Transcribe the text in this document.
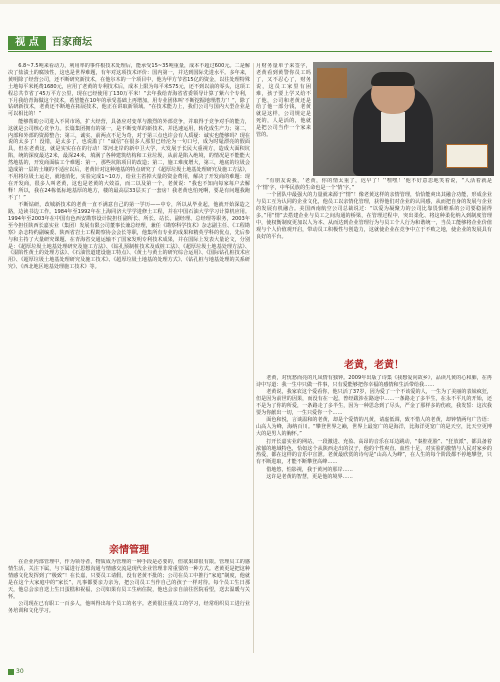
视 点	百家商坛

6.8~7.5吨来看动力，利用率的事件根技术处理后，能承受15~35吨重量，成本不超过600元。二是解决了盐渍土的腐蚀性，这也是世界难题，有年对这项技术评价：国内第一，并达到国际先进水平。多年来，黄明除了经营公司，还不断研究新技术，在他尔木的一个项目中，他为甲方节省15亿的资金，以往处理特殊土地每平米耗费1680元，应用了老黄的专利技术后，成本上限为每平米575元，还不到以前的零头，这项工程总共节省了45万平方公里，现在已经使用了130万平米！“去年我给青海省省委领导计算了紫六个专利，下月我给青海做这个技术，希望能在10年的承受基础上再增加，用专业团体叫‘不断挖掘地理潜力’！”，除了钻研新技术，老黄还不断地在拓展技术，他正在讲取新领域。“在技术能力上，我们公司与国内大型企业是可以相比的！”

能够帮助公司进入不同市场，扩大经营，具备应对变革与激烈的外部竞争，并取得于竞争对手的能力，这就是公司核心竞争力。长篇集团拥有的第一，是不断变革的新技术，并迅速运用，转化成生产力；第二，内部和外部的资源整合；第三，诚实、前两点不足为奇，对于第三点也许会有人质疑：诚实也能够吗？现在说的太多了！没错，是太多了，也说滥了！“诚信”在很多人那里已经沦为一句口号，成为时髦漂亮的假面具，但在老黄这，就是实实在在的行动！罩河北岸的新中卫大学，大发展于长民大重视方，造成大面积坑陷，统的深度最达2米，最深24米，填满了各种建筑结构和工业垃圾，从前是陷入绝境，的情况是不能能大然地基的，开发商面临工个难题：第一，那些坑陷项目的改造；第二，施工难度增大，第三，地底的垃圾会造成第一层的土壤的不适应以后，老黄针对这种地基的特点研究了《超厚垃圾土地基处理研究及施工方法》，不用将垃圾土运走，就地消化，实验完成1~10万，给业主省掉大量的资金费用，解决了开发商的难题：现在开发商，很多人叫老黄，这也是老黄的大效益，而二以及第一个，老黄说：“我也不知向每家每户去解释！所以，我在24栋低标地基厚的地方，楼的最高层33层买了一套房！我老黄也怕死啊，要是有问题我跑不了！”

不断钻研，改城新技术的老黄一直不满意自己的第一学历——中专，所以从毕业起，他就开始深造之路，边读书边工作。1984年至1992年在上海同济大学学进修土工程，并在中国石油大学学习计算机应用。1994年至2003年在中国有色西安勘察设计院担任副所长、所长、站长、副经理、总经理等职务，2003年至今担任陕西长嘉实业（集团）发展有限公司董事长兼总经理，兼任《勘察科学技术》杂志副主任、《工程勘察》杂志特约副编委、陕西省岩土工程勘察协会会长等职，他集所有专业的成果和精英学科的优点，先后参与和主持了大量研究课题、在青海省交通运输不了国家发明专利技术成果，并在国际上发表大量论文，分别是：《超厚垃圾土地基处理研究及施工方法》、《钻孔预制桩技术及成桩工法》、《超厚垃圾土地基处理方法》、《湿陷性黄土的处理方法》、《石油管道建设施工特点》、《黄土与黄土的研究综合运用》、《国际钻孔桩技术应用》、《超厚垃圾土地基处理研究及施工技术》、《超厚垃圾土地基的处理方式》、《钻孔桩与地基处理的关系研究》、《西北地区地基处理施工技术》等。

亲情管理

在企业内部管理中，作为领导者，物质成为管理的一种手段是必要的，但欲果却很有限。管理员工的感情生活，关注下属，与下属进行思想沟通与情感交流是现代企业管理非常重要的一种方式。老黄更是把这种情感文化发挥到了“极致”！在长嘉，只要员工请假，没有老黄不批的；公司在员工中推行“家庭”制度，他就是在这个大家庭中的“家长”，凡事都要亲力亲为，把公司员工当作自己的孩子一样对待。每个员工生日那天，他总会亲自送上生日蛋糕和祝福，公司如果有员工生病住院，他也会亲自前往医院看望，送去温暖与关怀。

公司现在已有职工一百多人，他叫得出每个员工的名字。老黄很注重员工的学习，经常组织员工进行业务培训和文化学习。

月财务量单子来签字，老黄看到黄警你员工吗了，又不忍心了，财务说，这员工家里有困难，孩子要上学又给不了他，公司和老黄还是给了他一部分钱，老黄就是这样，公司规定是死的，人是活的，他就是把公司当作一个家来管的。

“有朋友说我，‘老黄，你的情太重了，迟早了！’‘嘿嘿！’他不好意思地笑着说，“人活着就是个‘情’字，中华民族的生命也是一个‘情’字。”

一个团队中最强大的力量就来源于“情”！像老黄这样的亲情管理，恰恰能爽出其融合功能，形成企业与员工互为认同的企业文化，他员工以亲情化管理，获得他们对企业的认同感，从而把自身的发展与企业的发展有机融合。美国西南航空公司总裁说过：“以爱为凝聚力的公司比靠畏惧维系的公司要稳固得多。”用“情”去搭建企业与员工之间沟通的桥梁，在管理过程中，突出柔化、将这种柔化纳入到制度管理中，使权衡制度更加以人为本、从而达到企业管理行为与员工个人行为和谐统一，当员工能够将企业价值观与个人价值观开启，带动员工积极性与创造力，这就使企业在竞争中立于不败之地，使企业的发展具有良好的平台。

老黄，老黄！

老黄，对忧愁而亮的凡凤情有独钟。2009年出版了诗集《我想爱向故乡》，品读凡黄的心和肺，在再诗中写道：我一生中只做一件事，只有爱能够把你幸福的感情和生活带给我……

老黄说，我家农这个爱看你，他只活了37岁，因为爱了一个不该爱的人，一生为了美丽的表妹疯狂，但是因为前世的因果，而没有在一起，曾经跋涉在路途中……一条路走了多半生，在永不平凡的开始，还不是为了你的所爱，一条路走了多半生，因为一种思念到了尽头，严金了那样多的伤痕，我发誓：这次我要为你献出一切，一生只爱你一个……

面色和悦，言谈温和的老黄，却是个爱情的凡黄，请虚低调，致不惜人的老黄，却钟情两句广告语：山高人为峰，海纳百川。“攀登世界之巅，世界上最宽广的是海洋，比海洋更宽广的是天空，比天空更博大的是男人的胸怀。”

打开长嘉实业的网站，一段激进、充盈、高昂的音乐在耳边跳动，“秦腔花脸”、“狂放派”，都具备着浓郁的地域特色，恰如这个从陕西走出的汉子，他的个性爽直、血性十足，对实验的激情与人民对家乡的热爱，都在这样的音乐中宣泄。老黄最欣赏的诗句是“山高人为峰”，在人生的每个阶段都不停地攀登，只有不断进取，才能不断攀登高峰……

借地悠，怕影视，我于黄河的那岸……

这许是老黄的智慧，更是他的境界……

30
